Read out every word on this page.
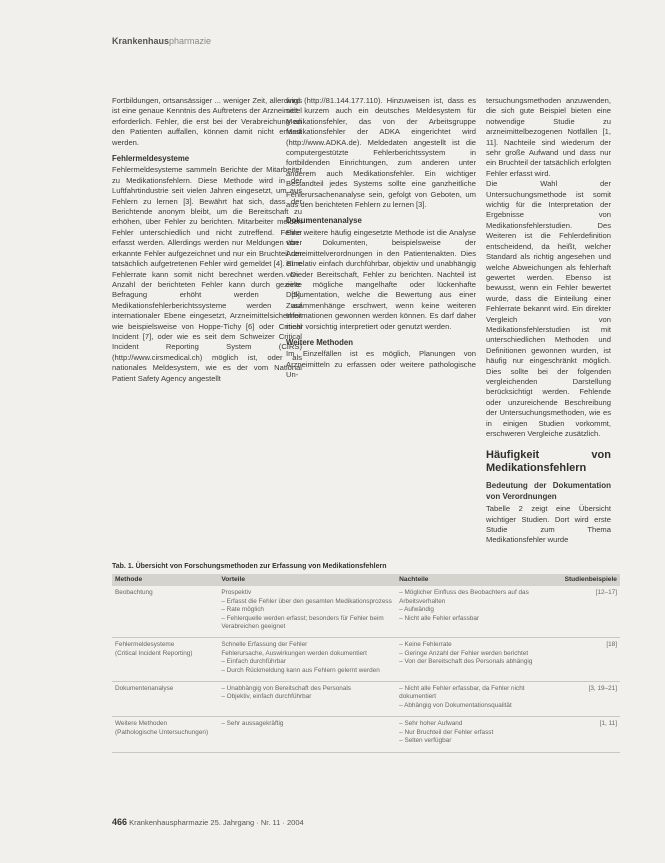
Krankenhauspharmazie

Fortbildungen, ortsansässiger ... weniger Zeit, allerdings ist eine genaue Kenntnis des Auftretens der Arzneimittel erforderlich. Fehler, die erst bei der Verabreichung an den Patienten auffallen, können damit nicht erfasst werden.

Fehlermeldesysteme

Fehlermeldesysteme sammeln Berichte der Mitarbeiter zu Medikationsfehlern. Diese Methode wird in der Luftfahrtindustrie seit vielen Jahren eingesetzt, um aus Fehlern zu lernen [3]. Bewährt hat sich, dass der Berichtende anonym bleibt, um die Bereitschaft zu erhöhen, über Fehler zu berichten. Mitarbeiter melden Fehler unterschiedlich und nicht zutreffend. Fehler erfasst werden. Allerdings werden nur Meldungen über erkannte Fehler aufgezeichnet und nur ein Bruchteil der tatsächlich aufgetretenen Fehler wird gemeldet [4]. Eine Fehlerrate kann somit nicht berechnet werden. Die Anzahl der berichteten Fehler kann durch gezielte Befragung erhöht werden [5]. Medikationsfehlerberichtssysteme werden auf internationaler Ebene eingesetzt, Arzneimittelsicherheit wie beispielsweise von Hoppe-Tichy [6] oder Critical Incident [7], oder wie es seit dem Schweizer Critical Incident Reporting System (CIRS) (http://www.cirsmedical.ch) möglich ist, oder als nationales Meldesystem, wie es der vom National Patient Safety Agency angestellt

wird (http://81.144.177.110). Hinzuweisen ist, dass es seit kurzem auch ein deutsches Meldesystem für Medikationsfehler, das von der Arbeitsgruppe Medikationsfehler der ADKA eingerichtet wird (http://www.ADKA.de). Meldedaten angestellt ist die computergestützte Fehlerberichtssystem in fortbildenden Einrichtungen, zum anderen unter anderem auch Medikationsfehler. Ein wichtiger Bestandteil jedes Systems sollte eine ganzheitliche Fehlerursachenanalyse sein, gefolgt von Geboten, um aus den berichteten Fehlern zu lernen [3].

Dokumentenanalyse

Eine weitere häufig eingesetzte Methode ist die Analyse von Dokumenten, beispielsweise der Arzneimittelverordnungen in den Patientenakten. Dies ist relativ einfach durchführbar, objektiv und unabhängig von der Bereitschaft, Fehler zu berichten. Nachteil ist eine mögliche mangelhafte oder lückenhafte Dokumentation, welche die Bewertung aus einer Zusammenhänge erschwert, wenn keine weiteren Informationen gewonnen werden können. Es darf daher mehr vorsichtig interpretiert oder genutzt werden.

Weitere Methoden

Im Einzelfällen ist es möglich, Planungen von Arzneimitteln zu erfassen oder weitere pathologische Un-

tersuchungsmethoden anzuwenden, die sich gute Beispiel bieten eine notwendige Studie zu arzneimittelbezogenen Notfällen [1, 11]. Nachteile sind wiederum der sehr große Aufwand und dass nur ein Bruchteil der tatsächlich erfolgten Fehler erfasst wird.

Die Wahl der Untersuchungsmethode ist somit wichtig für die Interpretation der Ergebnisse von Medikationsfehlerstudien. Des Weiteren ist die Fehlerdefinition entscheidend, da heißt, welcher Standard als richtig angesehen und welche Abweichungen als fehlerhaft gewertet werden. Ebenso ist bewusst, wenn ein Fehler bewertet wurde, dass die Einteilung einer Fehlerrate bekannt wird. Ein direkter Vergleich von Medikationsfehlerstudien ist mit unterschiedlichen Methoden und Definitionen gewonnen wurden, ist häufig nur eingeschränkt möglich. Dies sollte bei der folgenden vergleichenden Darstellung berücksichtigt werden. Fehlende oder unzureichende Beschreibung der Untersuchungsmethoden, wie es in einigen Studien vorkommt, erschweren Vergleiche zusätzlich.

Häufigkeit von Medikationsfehlern
Bedeutung der Dokumentation von Verordnungen

Tabelle 2 zeigt eine Übersicht wichtiger Studien. Dort wird erste Studie zum Thema Medikationsfehler wurde

Tab. 1. Übersicht von Forschungsmethoden zur Erfassung von Medikationsfehlern
Methode	Vorteile	Nachteile	Studienbeispiele
Beobachtung	Prospektiv
– Erfasst die Fehler über den gesamten Medikationsprozess
– Rate möglich
– Fehlerquelle werden erfasst; besonders für Fehler beim Verabreichen geeignet	– Möglicher Einfluss des Beobachters auf das Arbeitsverhalten
– Aufwändig
– Nicht alle Fehler erfassbar	[12–17]
Fehlermeldesysteme
(Critical Incident Reporting)	Schnelle Erfassung der Fehler
Fehlerursache, Auswirkungen werden dokumentiert
– Einfach durchführbar
– Durch Rückmeldung kann aus Fehlern gelernt werden	– Keine Fehlerrate
– Geringe Anzahl der Fehler werden berichtet
– Von der Bereitschaft des Personals abhängig	[18]
Dokumentenanalyse	– Unabhängig von Bereitschaft des Personals
– Objektiv, einfach durchführbar	– Nicht alle Fehler erfassbar, da Fehler nicht dokumentiert
– Abhängig von Dokumentationsqualität	[3, 19–21]
Weitere Methoden
(Pathologische Untersuchungen)	– Sehr aussagekräftig	– Sehr hoher Aufwand
– Nur Bruchteil der Fehler erfasst
– Selten verfügbar	[1, 11]
466 Krankenhauspharmazie 25. Jahrgang · Nr. 11 · 2004
